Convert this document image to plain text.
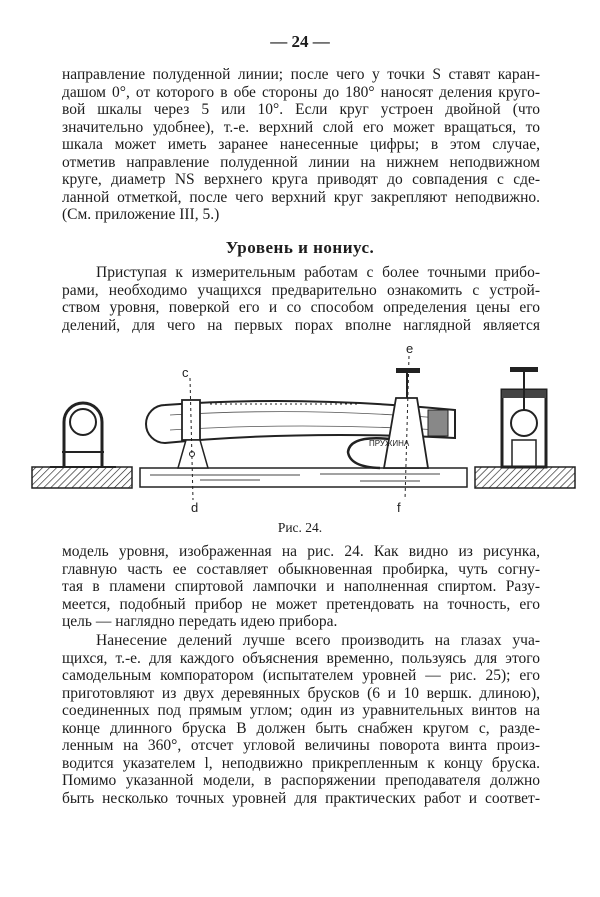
— 24 —
направление полуденной линии; после чего у точки S ставят каран-
дашом 0°, от которого в обе стороны до 180° наносят деления круго-
вой шкалы через 5 или 10°. Если круг устроен двойной (что
значительно удобнее), т.-е. верхний слой его может вращаться, то
шкала может иметь заранее нанесенные цифры; в этом случае,
отметив направление полуденной линии на нижнем неподвижном
круге, диаметр NS верхнего круга приводят до совпадения с сде-
ланной отметкой, после чего верхний круг закрепляют неподвижно.
(См. приложение III, 5.)
Уровень и нониус.
Приступая к измерительным работам с более точными прибо-
рами, необходимо учащихся предварительно ознакомить с устрой-
ством уровня, поверкой его и со способом определения цены его
делений, для чего на первых порах вполне наглядной является
ПРУЖИНА
c
d
e
f
Рис. 24.
модель уровня, изображенная на рис. 24. Как видно из рисунка,
главную часть ее составляет обыкновенная пробирка, чуть согну-
тая в пламени спиртовой лампочки и наполненная спиртом. Разу-
меется, подобный прибор не может претендовать на точность, его
цель — наглядно передать идею прибора.
Нанесение делений лучше всего производить на глазах уча-
щихся, т.-е. для каждого объяснения временно, пользуясь для этого
самодельным компоратором (испытателем уровней — рис. 25); его
приготовляют из двух деревянных брусков (6 и 10 вершк. длиною),
соединенных под прямым углом; один из уравнительных винтов на
конце длинного бруска B должен быть снабжен кругом с, разде-
ленным на 360°, отсчет угловой величины поворота винта произ-
водится указателем l, неподвижно прикрепленным к концу бруска.
Помимо указанной модели, в распоряжении преподавателя должно
быть несколько точных уровней для практических работ и соответ-
